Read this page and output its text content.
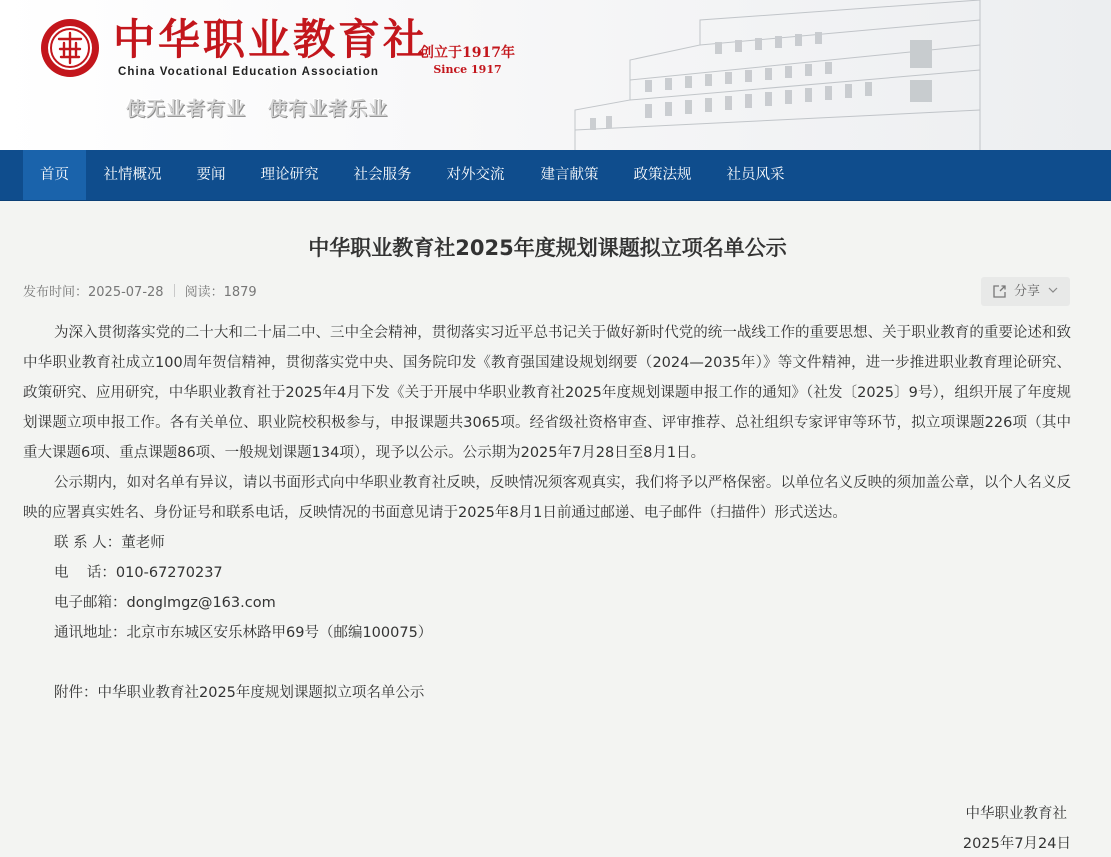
中华职业教育社
China Vocational Education Association
创立于1917年
Since 1917
使无业者有业 使有业者乐业
首页	社情概况	要闻	理论研究	社会服务	对外交流	建言献策	政策法规	社员风采
中华职业教育社2025年度规划课题拟立项名单公示
发布时间：2025-07-28 阅读：1879	分享

为深入贯彻落实党的二十大和二十届二中、三中全会精神，贯彻落实习近平总书记关于做好新时代党的统一战线工作的重要思想、关于职业教育的重要论述和致中华职业教育社成立100周年贺信精神，贯彻落实党中央、国务院印发《教育强国建设规划纲要（2024—2035年）》等文件精神，进一步推进职业教育理论研究、政策研究、应用研究，中华职业教育社于2025年4月下发《关于开展中华职业教育社2025年度规划课题申报工作的通知》（社发〔2025〕9号），组织开展了年度规划课题立项申报工作。各有关单位、职业院校积极参与，申报课题共3065项。经省级社资格审查、评审推荐、总社组织专家评审等环节，拟立项课题226项（其中重大课题6项、重点课题86项、一般规划课题134项），现予以公示。公示期为2025年7月28日至8月1日。

公示期内，如对名单有异议，请以书面形式向中华职业教育社反映，反映情况须客观真实，我们将予以严格保密。以单位名义反映的须加盖公章，以个人名义反映的应署真实姓名、身份证号和联系电话，反映情况的书面意见请于2025年8月1日前通过邮递、电子邮件（扫描件）形式送达。

联 系 人：董老师
电    话：010-67270237
电子邮箱：donglmgz@163.com
通讯地址：北京市东城区安乐林路甲69号（邮编100075）
附件：中华职业教育社2025年度规划课题拟立项名单公示
中华职业教育社
2025年7月24日
